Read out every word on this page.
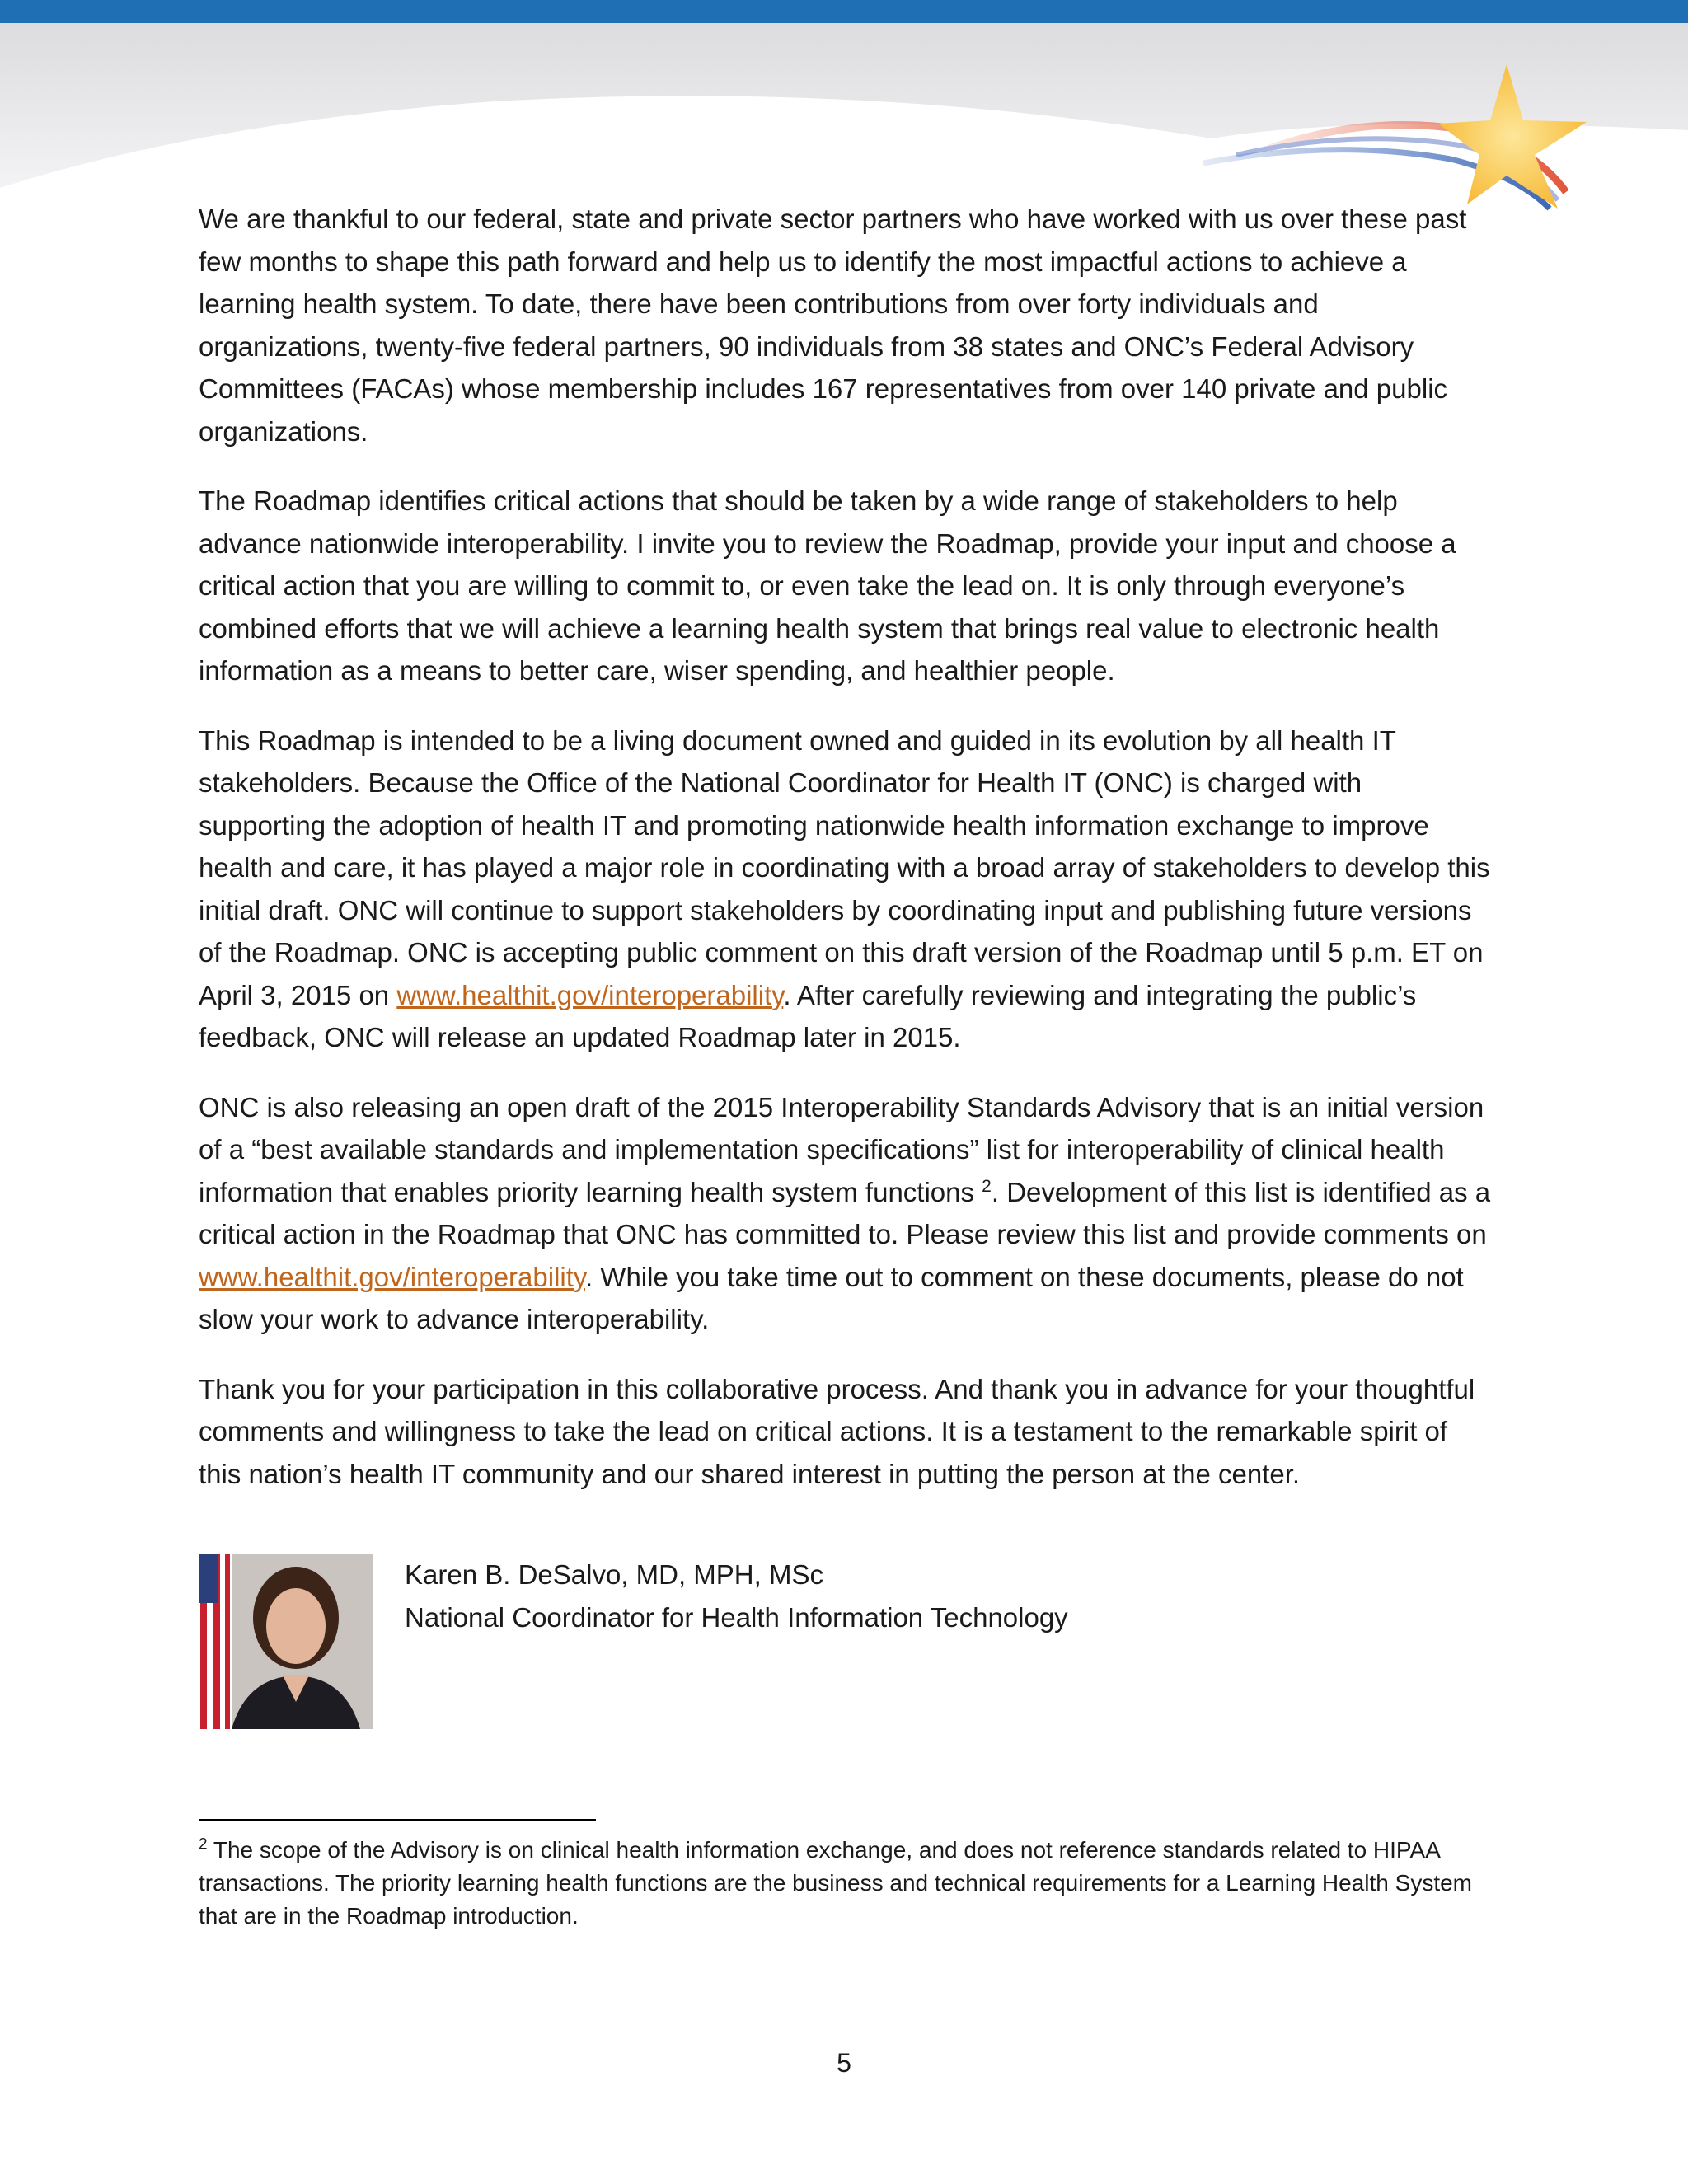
We are thankful to our federal, state and private sector partners who have worked with us over these past few months to shape this path forward and help us to identify the most impactful actions to achieve a learning health system. To date, there have been contributions from over forty individuals and organizations, twenty-five federal partners, 90 individuals from 38 states and ONC’s Federal Advisory Committees (FACAs) whose membership includes 167 representatives from over 140 private and public organizations.

The Roadmap identifies critical actions that should be taken by a wide range of stakeholders to help advance nationwide interoperability. I invite you to review the Roadmap, provide your input and choose a critical action that you are willing to commit to, or even take the lead on. It is only through everyone’s combined efforts that we will achieve a learning health system that brings real value to electronic health information as a means to better care, wiser spending, and healthier people.

This Roadmap is intended to be a living document owned and guided in its evolution by all health IT stakeholders. Because the Office of the National Coordinator for Health IT (ONC) is charged with supporting the adoption of health IT and promoting nationwide health information exchange to improve health and care, it has played a major role in coordinating with a broad array of stakeholders to develop this initial draft. ONC will continue to support stakeholders by coordinating input and publishing future versions of the Roadmap. ONC is accepting public comment on this draft version of the Roadmap until 5 p.m. ET on April 3, 2015 on www.healthit.gov/interoperability. After carefully reviewing and integrating the public’s feedback, ONC will release an updated Roadmap later in 2015.

ONC is also releasing an open draft of the 2015 Interoperability Standards Advisory that is an initial version of a “best available standards and implementation specifications” list for interoperability of clinical health information that enables priority learning health system functions $^2$. Development of this list is identified as a critical action in the Roadmap that ONC has committed to. Please review this list and provide comments on www.healthit.gov/interoperability. While you take time out to comment on these documents, please do not slow your work to advance interoperability.

Thank you for your participation in this collaborative process. And thank you in advance for your thoughtful comments and willingness to take the lead on critical actions. It is a testament to the remarkable spirit of this nation’s health IT community and our shared interest in putting the person at the center.

Karen B. DeSalvo, MD, MPH, MSc
National Coordinator for Health Information Technology

$^2$ The scope of the Advisory is on clinical health information exchange, and does not reference standards related to HIPAA transactions. The priority learning health functions are the business and technical requirements for a Learning Health System that are in the Roadmap introduction.

5
